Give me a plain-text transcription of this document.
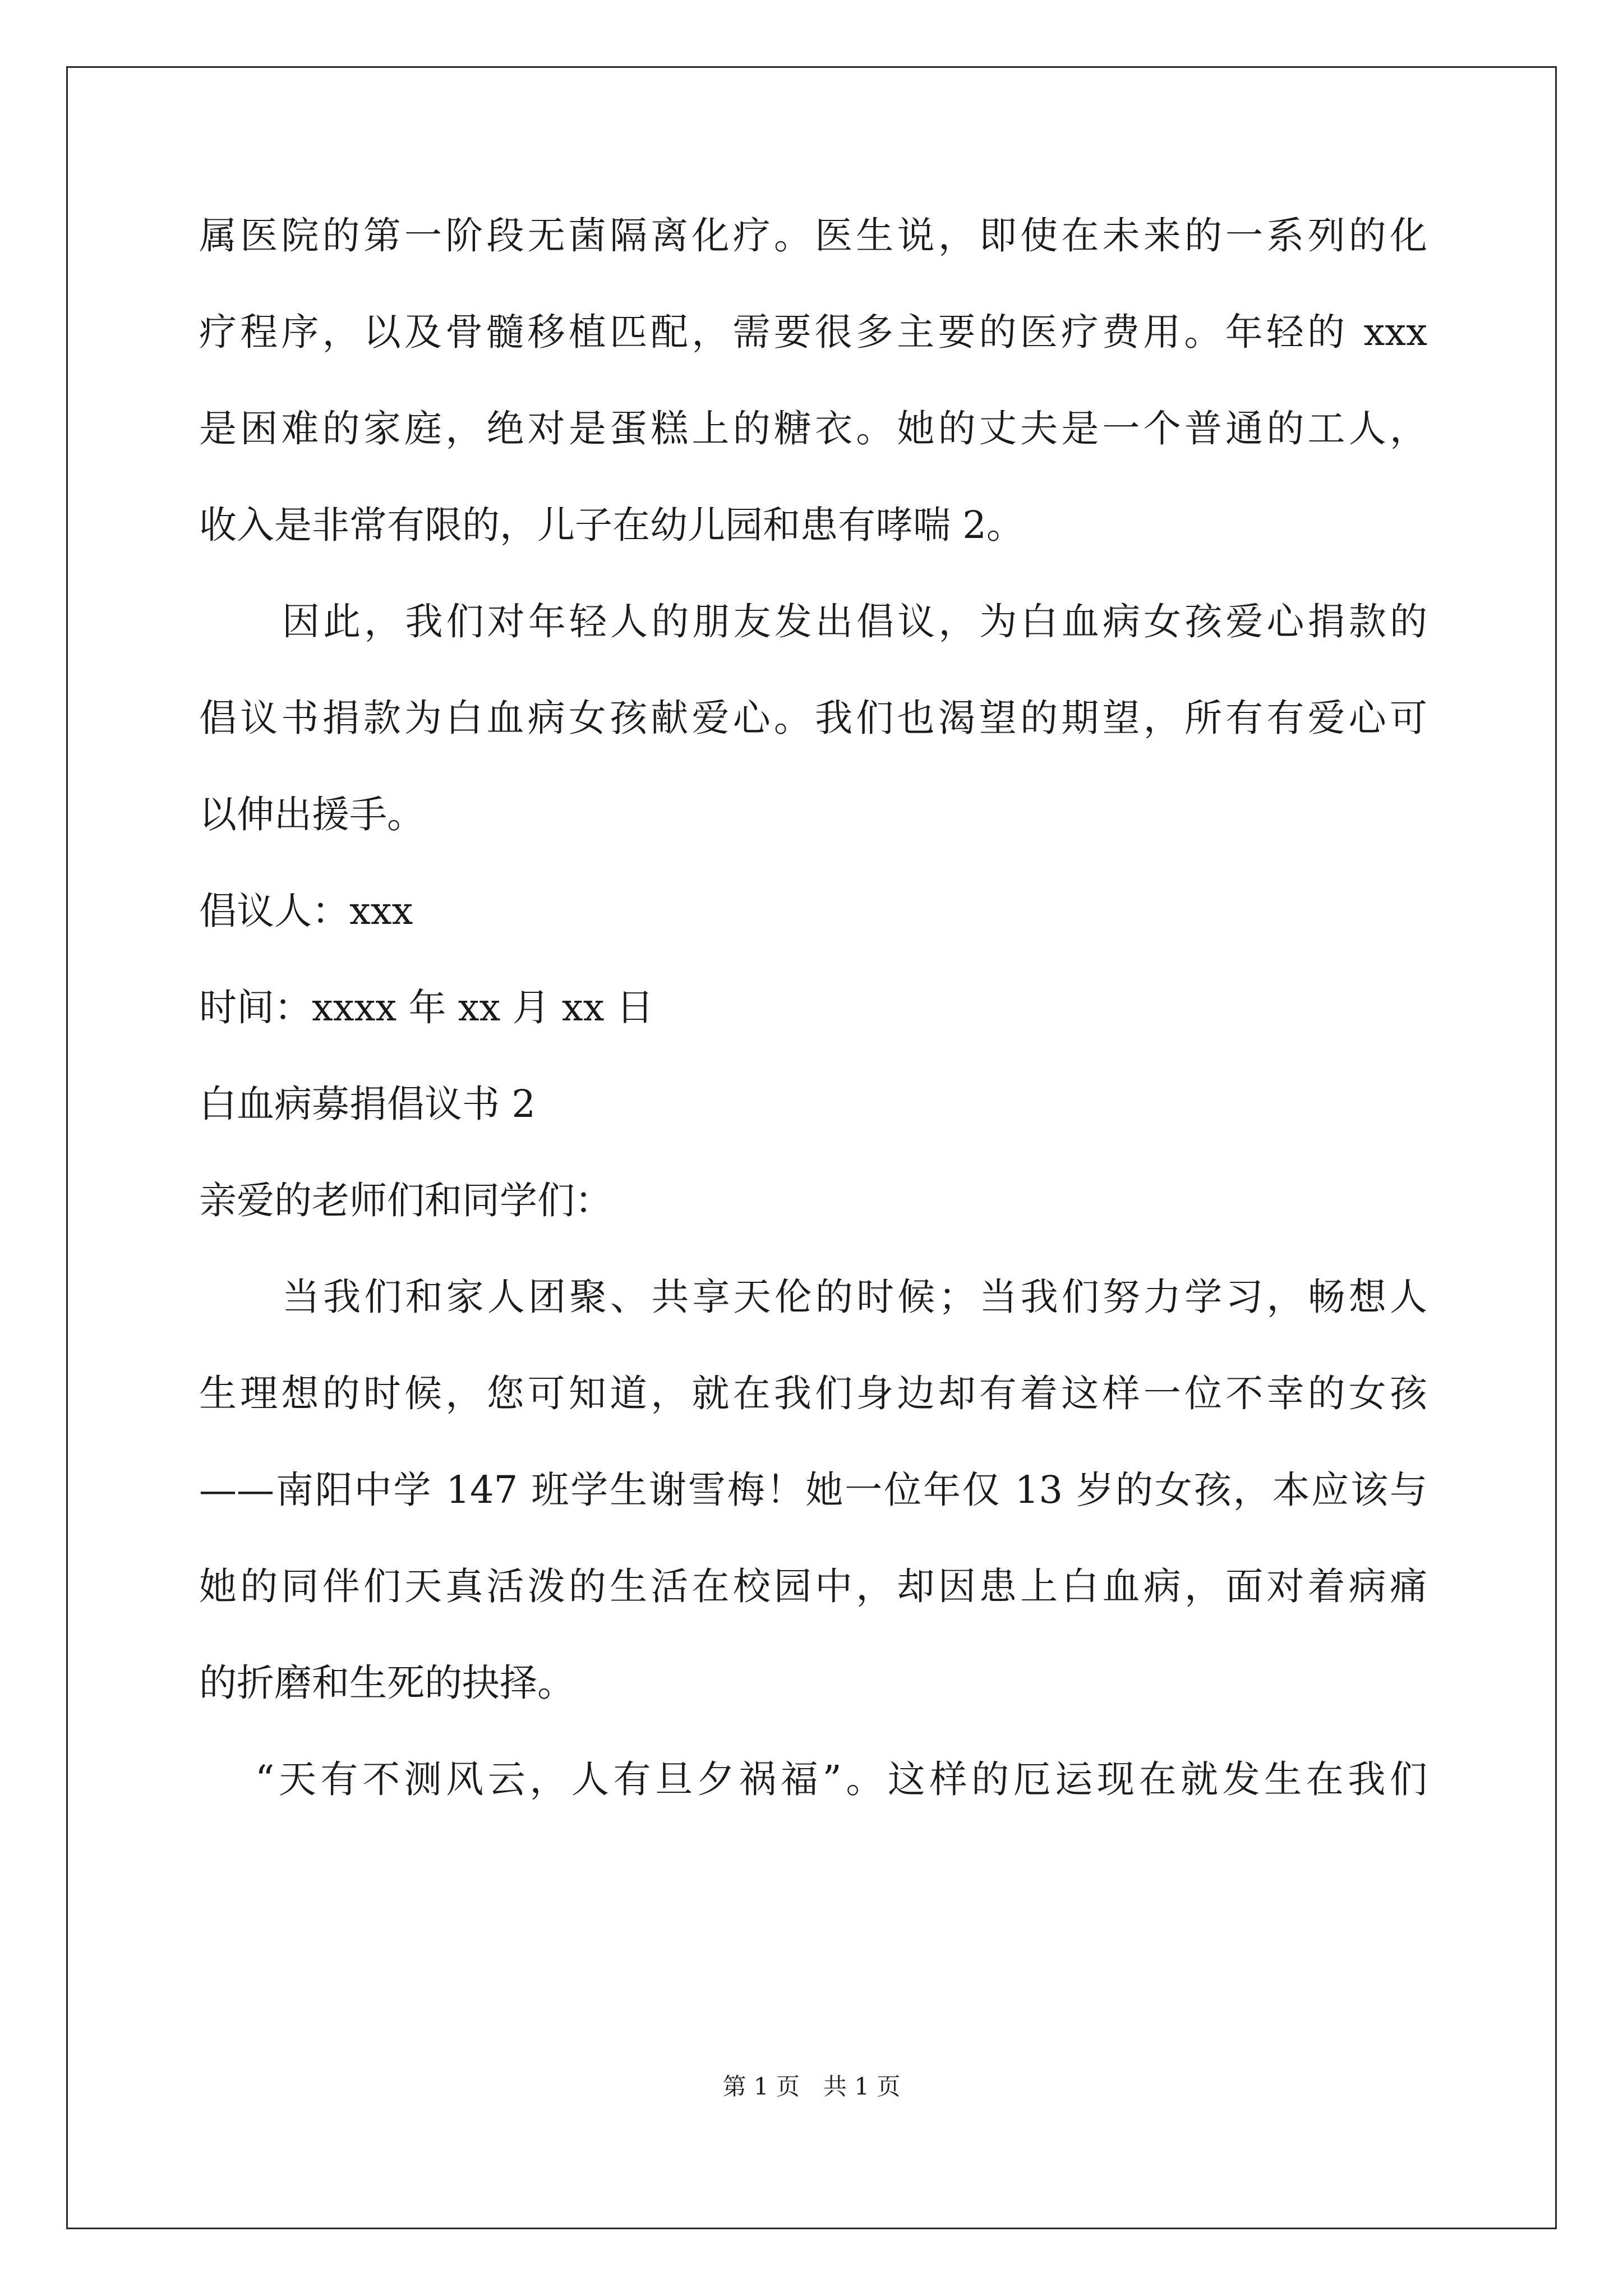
属医院的第一阶段无菌隔离化疗。医生说，即使在未来的一系列的化
疗程序，以及骨髓移植匹配，需要很多主要的医疗费用。年轻的 xxx
是困难的家庭，绝对是蛋糕上的糖衣。她的丈夫是一个普通的工人，
收入是非常有限的，儿子在幼儿园和患有哮喘 2。
因此，我们对年轻人的朋友发出倡议，为白血病女孩爱心捐款的
倡议书捐款为白血病女孩献爱心。我们也渴望的期望，所有有爱心可
以伸出援手。
倡议人：xxx
时间：xxxx 年 xx 月 xx 日
白血病募捐倡议书 2
亲爱的老师们和同学们：
当我们和家人团聚、共享天伦的时候；当我们努力学习，畅想人
生理想的时候，您可知道，就在我们身边却有着这样一位不幸的女孩
——南阳中学 147 班学生谢雪梅！她一位年仅 13 岁的女孩，本应该与
她的同伴们天真活泼的生活在校园中，却因患上白血病，面对着病痛
的折磨和生死的抉择。
“天有不测风云，人有旦夕祸福”。这样的厄运现在就发生在我们
第 1 页　共 1 页
